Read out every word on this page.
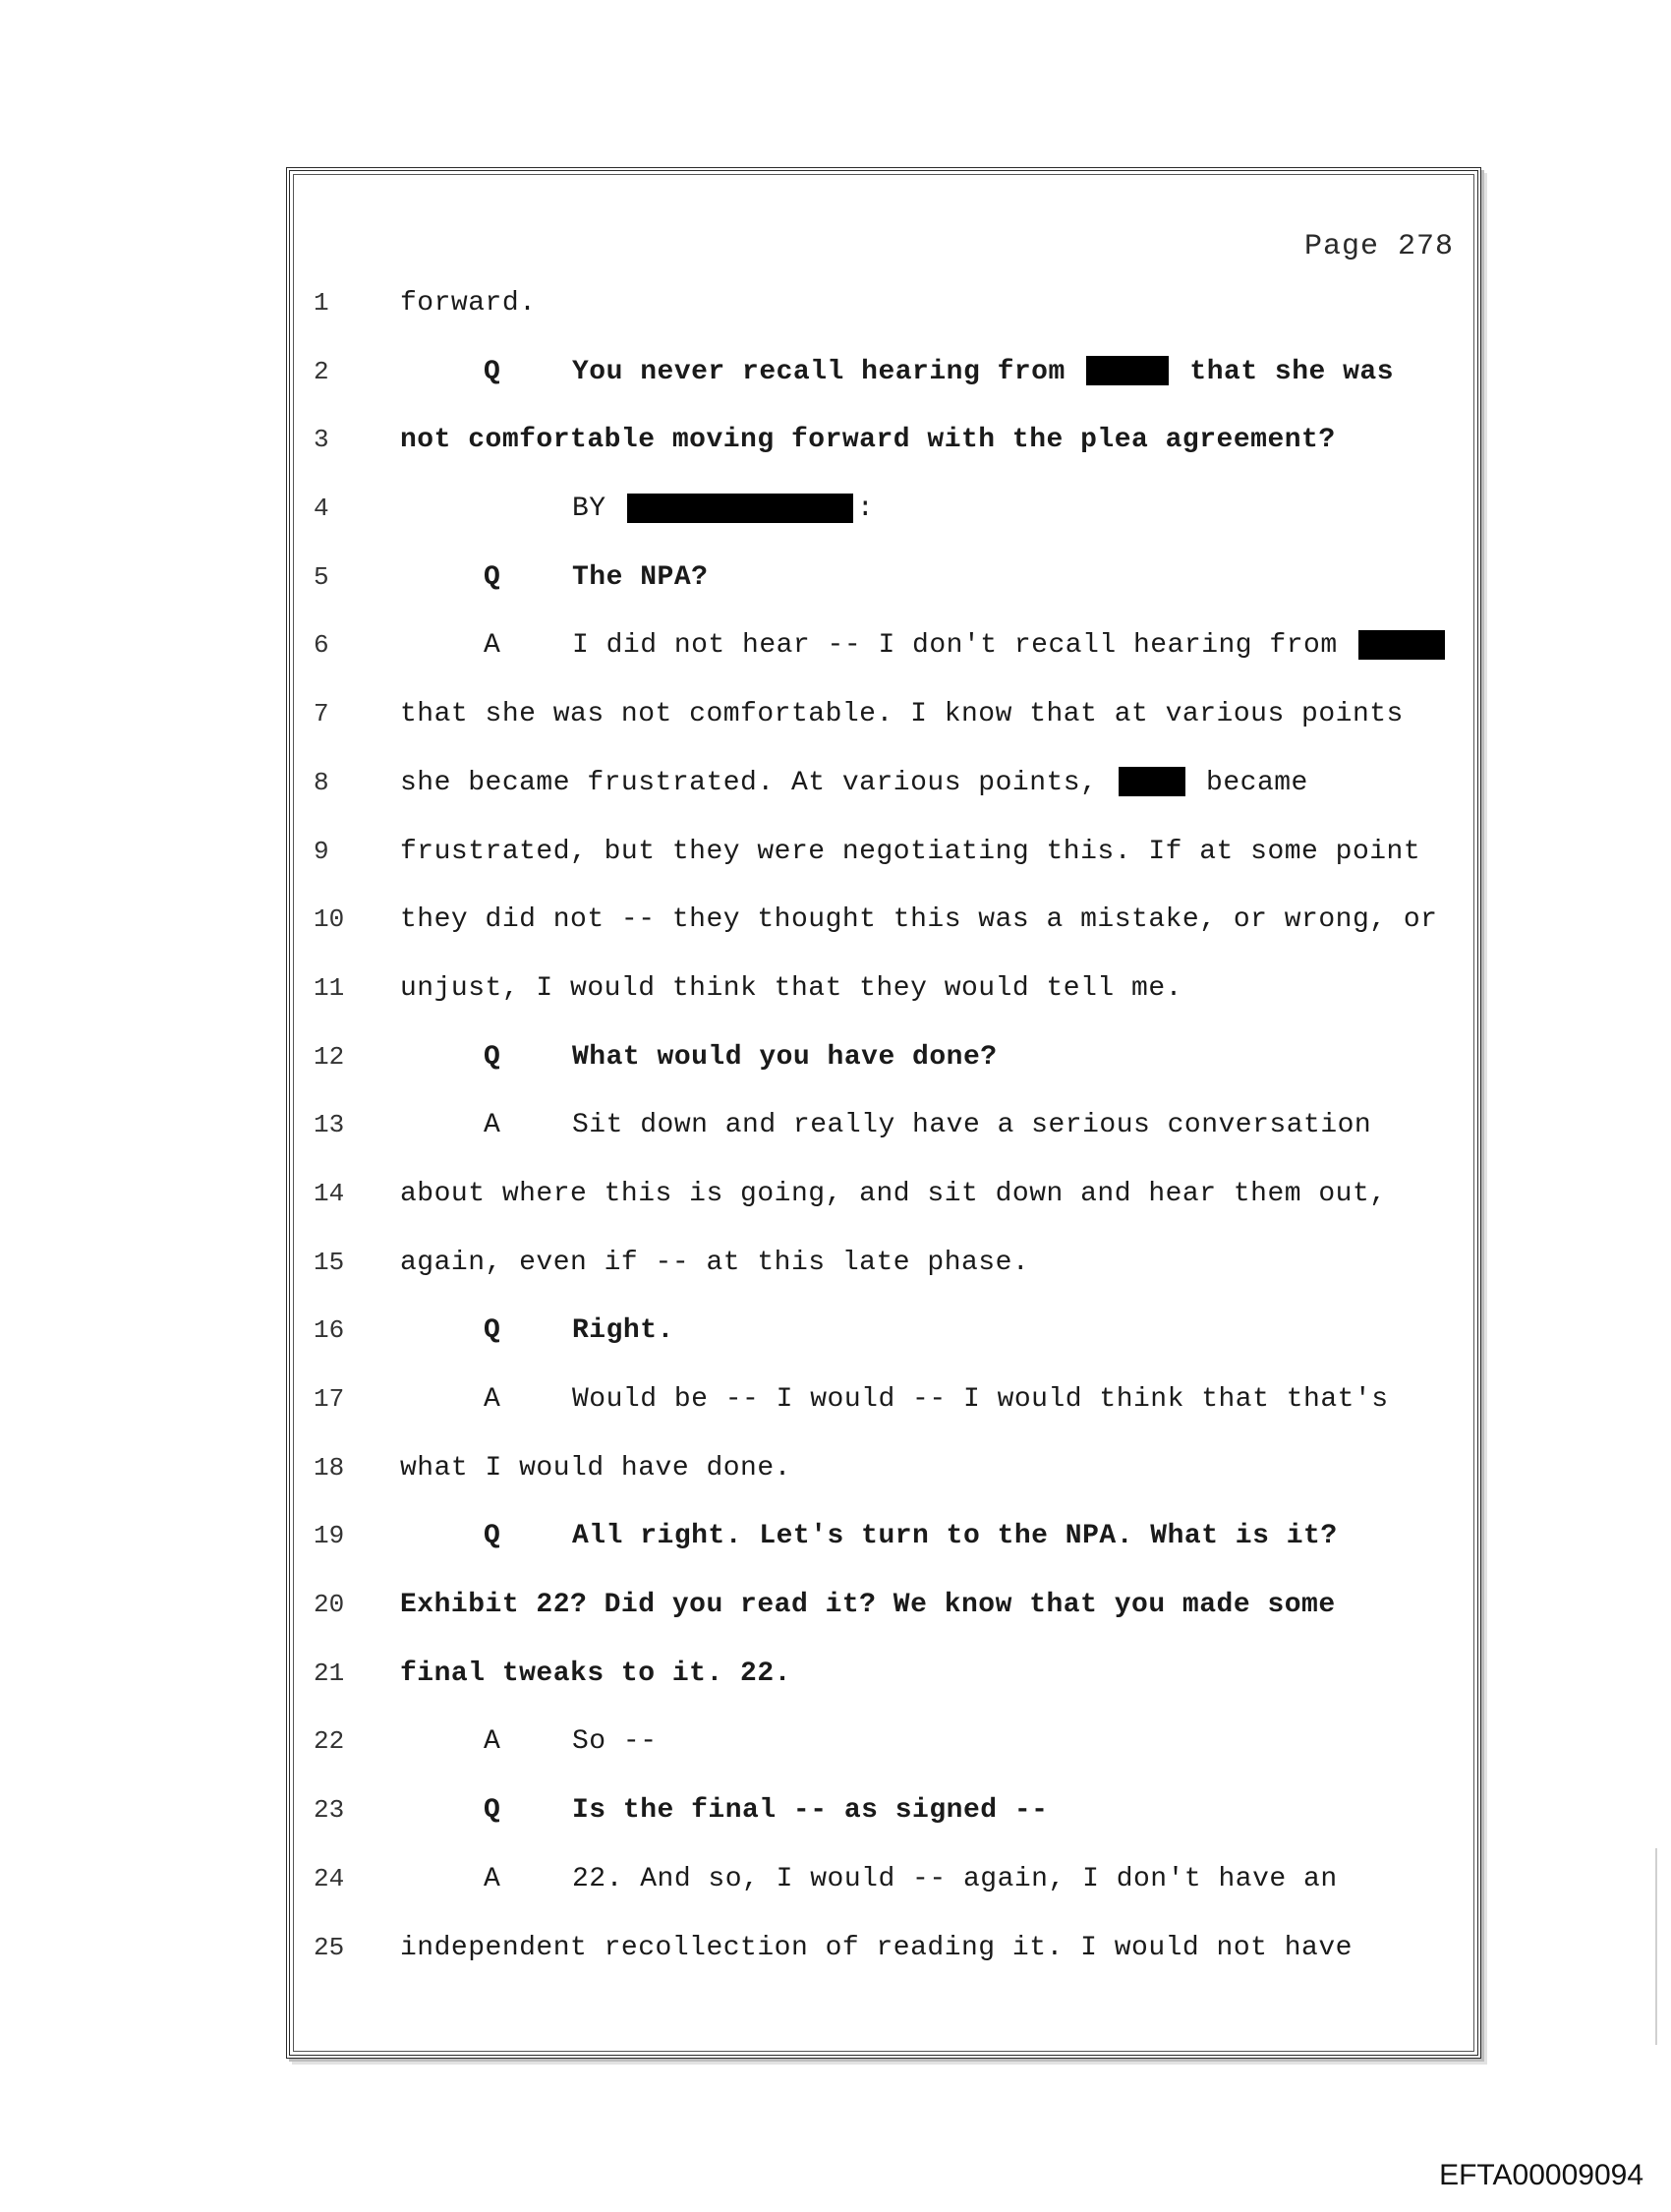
Page 278
1	forward.
2	Q	You never recall hearing from	that she was
3	not comfortable moving forward with the plea agreement?
4	BY	:
5	Q	The NPA?
6	A	I did not hear -- I don't recall hearing from
7	that she was not comfortable. I know that at various points
8	she became frustrated. At various points,	became
9	frustrated, but they were negotiating this. If at some point
10	they did not -- they thought this was a mistake, or wrong, or
11	unjust, I would think that they would tell me.
12	Q	What would you have done?
13	A	Sit down and really have a serious conversation
14	about where this is going, and sit down and hear them out,
15	again, even if -- at this late phase.
16	Q	Right.
17	A	Would be -- I would -- I would think that that's
18	what I would have done.
19	Q	All right. Let's turn to the NPA. What is it?
20	Exhibit 22? Did you read it? We know that you made some
21	final tweaks to it. 22.
22	A	So --
23	Q	Is the final -- as signed --
24	A	22. And so, I would -- again, I don't have an
25	independent recollection of reading it. I would not have
EFTA00009094
